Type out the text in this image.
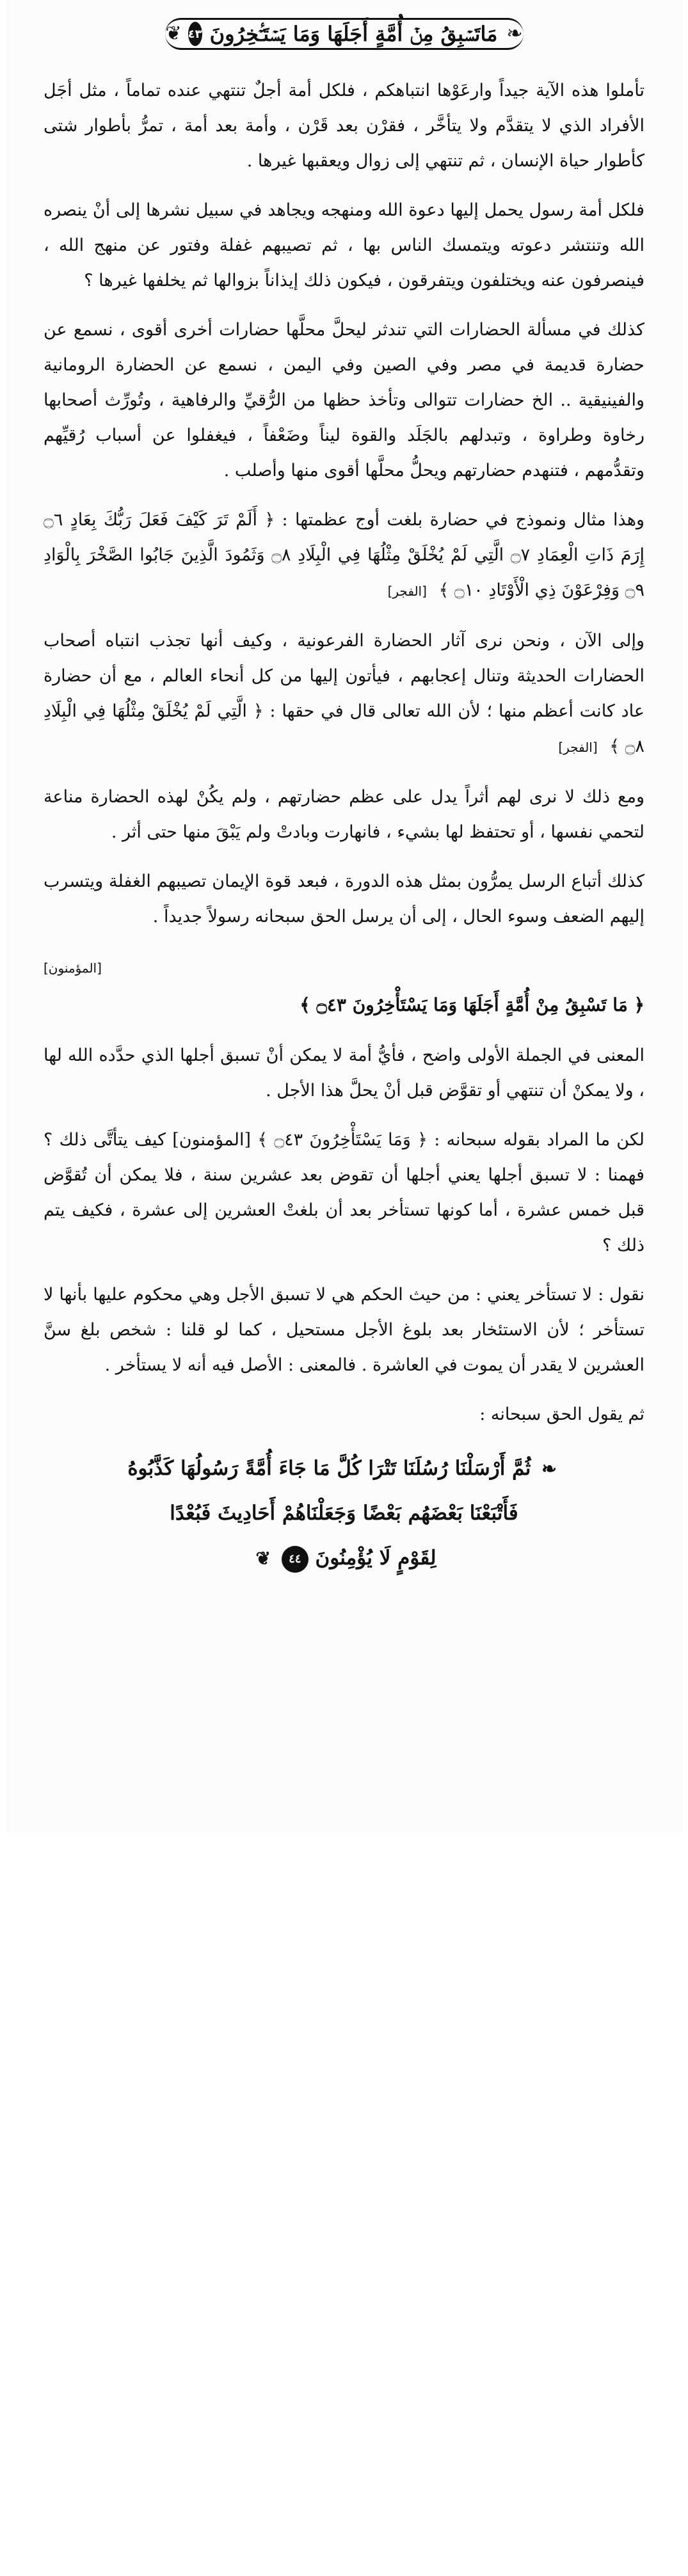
❧
مَاتَسۡبِقُ مِنۡ أُمَّةٍ أَجَلَهَا وَمَا يَسۡتَـٔۡخِرُونَ
٤٣
❦

تأملوا هذه الآية جيداً وارعَوْها انتباهكم ، فلكل أمة أجلٌ تنتهي عنده تماماً ، مثل أجَل الأفراد الذي لا يتقدَّم ولا يتأخَّر ، فقرْن بعد قَرْن ، وأمة بعد أمة ، تمرُّ بأطوار شتى كأطوار حياة الإنسان ، ثم تنتهي إلى زوال ويعقبها غيرها .

فلكل أمة رسول يحمل إليها دعوة الله ومنهجه ويجاهد في سبيل نشرها إلى أنْ ينصره الله وتنتشر دعوته ويتمسك الناس بها ، ثم تصيبهم غفلة وفتور عن منهج الله ، فينصرفون عنه ويختلفون ويتفرقون ، فيكون ذلك إيذاناً بزوالها ثم يخلفها غيرها ؟

كذلك في مسألة الحضارات التي تندثر ليحلَّ محلَّها حضارات أخرى أقوى ، نسمع عن حضارة قديمة في مصر وفي الصين وفي اليمن ، نسمع عن الحضارة الرومانية والفينيقية .. الخ حضارات تتوالى وتأخذ حظها من الرُّقيِّ والرفاهية ، وتُورِّث أصحابها رخاوة وطراوة ، وتبدلهم بالجَلَد والقوة ليناً وضَعْفاً ، فيغفلوا عن أسباب رُقيِّهم وتقدُّمهم ، فتنهدم حضارتهم ويحلُّ محلَّها أقوى منها وأصلب .

وهذا مثال ونموذج في حضارة بلغت أوج عظمتها : ﴿ أَلَمْ تَرَ كَيْفَ فَعَلَ رَبُّكَ بِعَادٍ ۝٦ إِرَمَ ذَاتِ الْعِمَادِ ۝٧ الَّتِي لَمْ يُخْلَقْ مِثْلُهَا فِي الْبِلَادِ ۝٨ وَثَمُودَ الَّذِينَ جَابُوا الصَّخْرَ بِالْوَادِ ۝٩ وَفِرْعَوْنَ ذِي الْأَوْتَادِ ۝١٠ ﴾ [الفجر]

وإلى الآن ، ونحن نرى آثار الحضارة الفرعونية ، وكيف أنها تجذب انتباه أصحاب الحضارات الحديثة وتنال إعجابهم ، فيأتون إليها من كل أنحاء العالم ، مع أن حضارة عاد كانت أعظم منها ؛ لأن الله تعالى قال في حقها : ﴿ الَّتِي لَمْ يُخْلَقْ مِثْلُهَا فِي الْبِلَادِ ۝٨ ﴾ [الفجر]

ومع ذلك لا نرى لهم أثراً يدل على عظم حضارتهم ، ولم يكُنْ لهذه الحضارة مناعة لتحمي نفسها ، أو تحتفظ لها بشيء ، فانهارت وبادتْ ولم يَبْقَ منها حتى أثر .

كذلك أتباع الرسل يمرُّون بمثل هذه الدورة ، فبعد قوة الإيمان تصيبهم الغفلة ويتسرب إليهم الضعف وسوء الحال ، إلى أن يرسل الحق سبحانه رسولاً جديداً .

[المؤمنون]
﴿ مَا تَسْبِقُ مِنْ أُمَّةٍ أَجَلَهَا وَمَا يَسْتَأْخِرُونَ ۝٤٣ ﴾

المعنى في الجملة الأولى واضح ، فأيُّ أمة لا يمكن أنْ تسبق أجلها الذي حدَّده الله لها ، ولا يمكنْ أن تنتهي أو تقوَّض قبل أنْ يحلَّ هذا الأجل .

لكن ما المراد بقوله سبحانه : ﴿ وَمَا يَسْتَأْخِرُونَ ۝٤٣ ﴾ [المؤمنون] كيف يتأتَّى ذلك ؟ فهمنا : لا تسبق أجلها يعني أجلها أن تقوض بعد عشرين سنة ، فلا يمكن أن تُقوَّض قبل خمس عشرة ، أما كونها تستأخر بعد أن بلغتْ العشرين إلى عشرة ، فكيف يتم ذلك ؟

نقول : لا تستأخر يعني : من حيث الحكم هي لا تسبق الأجل وهي محكوم عليها بأنها لا تستأخر ؛ لأن الاستئخار بعد بلوغ الأجل مستحيل ، كما لو قلنا : شخص بلغ سنَّ العشرين لا يقدر أن يموت في العاشرة . فالمعنى : الأصل فيه أنه لا يستأخر .

ثم يقول الحق سبحانه :

❧ ثُمَّ أَرْسَلْنَا رُسُلَنَا تَتْرَا كُلَّ مَا جَاءَ أُمَّةً رَسُولُهَا كَذَّبُوهُ
فَأَتْبَعْنَا بَعْضَهُم بَعْضًا وَجَعَلْنَاهُمْ أَحَادِيثَ فَبُعْدًا
لِقَوْمٍ لَا يُؤْمِنُونَ ٤٤ ❦
